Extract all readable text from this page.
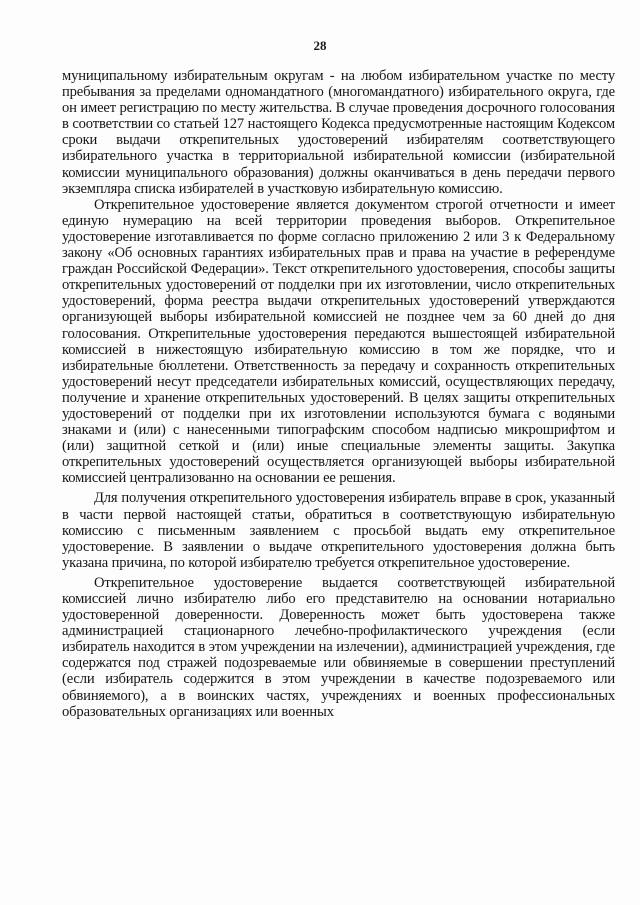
28

муниципальному избирательным округам - на любом избирательном участке по месту пребывания за пределами одномандатного (многомандатного) избирательного округа, где он имеет регистрацию по месту жительства. В случае проведения досрочного голосования в соответствии со статьей 127 настоящего Кодекса предусмотренные настоящим Кодексом сроки выдачи открепительных удостоверений избирателям соответствующего избирательного участка в территориальной избирательной комиссии (избирательной комиссии муниципального образования) должны оканчиваться в день передачи первого экземпляра списка избирателей в участковую избирательную комиссию.

Открепительное удостоверение является документом строгой отчетности и имеет единую нумерацию на всей территории проведения выборов. Открепительное удостоверение изготавливается по форме согласно приложению 2 или 3 к Федеральному закону «Об основных гарантиях избирательных прав и права на участие в референдуме граждан Российской Федерации». Текст открепительного удостоверения, способы защиты открепительных удостоверений от подделки при их изготовлении, число открепительных удостоверений, форма реестра выдачи открепительных удостоверений утверждаются организующей выборы избирательной комиссией не позднее чем за 60 дней до дня голосования. Открепительные удостоверения передаются вышестоящей избирательной комиссией в нижестоящую избирательную комиссию в том же порядке, что и избирательные бюллетени. Ответственность за передачу и сохранность открепительных удостоверений несут председатели избирательных комиссий, осуществляющих передачу, получение и хранение открепительных удостоверений. В целях защиты открепительных удостоверений от подделки при их изготовлении используются бумага с водяными знаками и (или) с нанесенными типографским способом надписью микрошрифтом и (или) защитной сеткой и (или) иные специальные элементы защиты. Закупка открепительных удостоверений осуществляется организующей выборы избирательной комиссией централизованно на основании ее решения.

Для получения открепительного удостоверения избиратель вправе в срок, указанный в части первой настоящей статьи, обратиться в соответствующую избирательную комиссию с письменным заявлением с просьбой выдать ему открепительное удостоверение. В заявлении о выдаче открепительного удостоверения должна быть указана причина, по которой избирателю требуется открепительное удостоверение.

Открепительное удостоверение выдается соответствующей избирательной комиссией лично избирателю либо его представителю на основании нотариально удостоверенной доверенности. Доверенность может быть удостоверена также администрацией стационарного лечебно-профилактического учреждения (если избиратель находится в этом учреждении на излечении), администрацией учреждения, где содержатся под стражей подозреваемые или обвиняемые в совершении преступлений (если избиратель содержится в этом учреждении в качестве подозреваемого или обвиняемого), а в воинских частях, учреждениях и военных профессиональных образовательных организациях или военных
